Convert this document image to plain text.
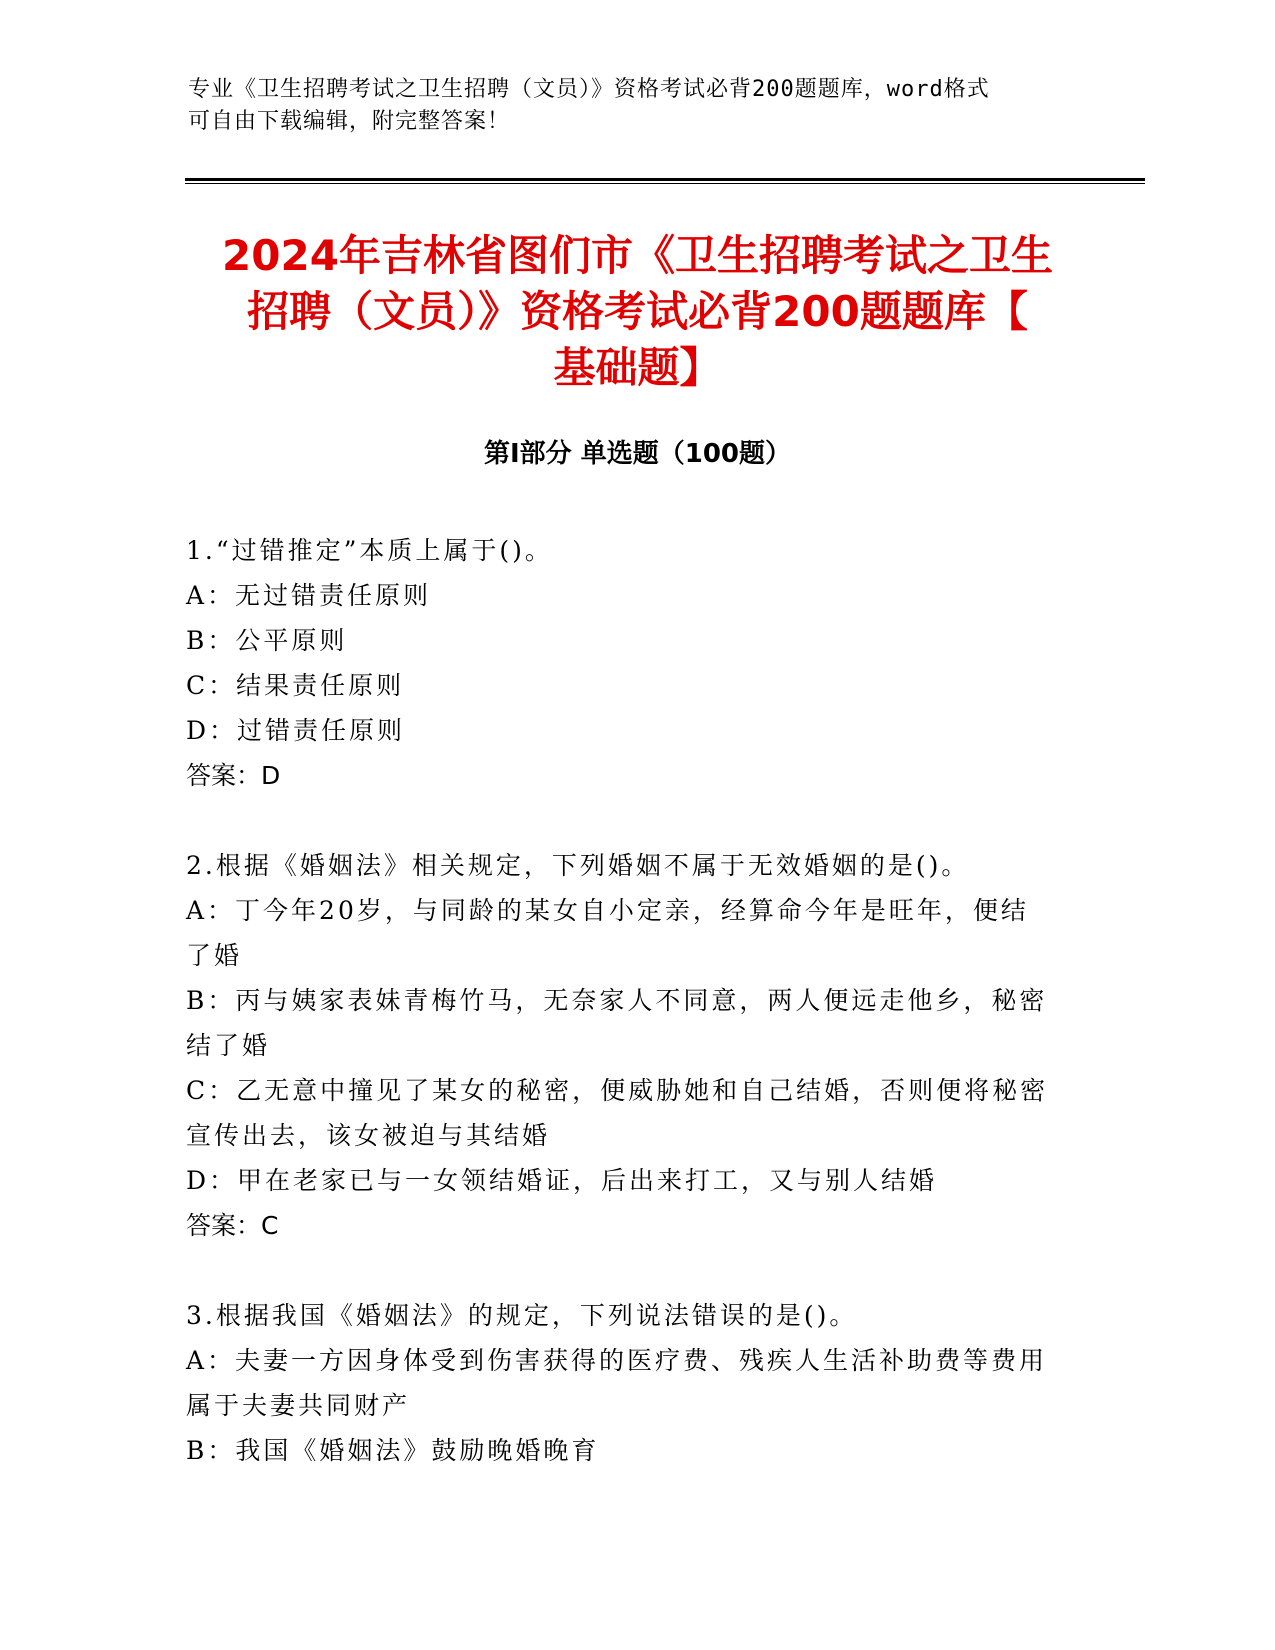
专业《卫生招聘考试之卫生招聘（文员）》资格考试必背200题题库，word格式
可自由下载编辑，附完整答案！
2024年吉林省图们市《卫生招聘考试之卫生
招聘（文员）》资格考试必背200题题库【
基础题】
第Ⅰ部分 单选题（100题）
1.“过错推定”本质上属于()。
A：无过错责任原则
B：公平原则
C：结果责任原则
D：过错责任原则
答案：D
2.根据《婚姻法》相关规定，下列婚姻不属于无效婚姻的是()。
A：丁今年20岁，与同龄的某女自小定亲，经算命今年是旺年，便结
了婚
B：丙与姨家表妹青梅竹马，无奈家人不同意，两人便远走他乡，秘密
结了婚
C：乙无意中撞见了某女的秘密，便威胁她和自己结婚，否则便将秘密
宣传出去，该女被迫与其结婚
D：甲在老家已与一女领结婚证，后出来打工，又与别人结婚
答案：C
3.根据我国《婚姻法》的规定，下列说法错误的是()。
A：夫妻一方因身体受到伤害获得的医疗费、残疾人生活补助费等费用
属于夫妻共同财产
B：我国《婚姻法》鼓励晚婚晚育
